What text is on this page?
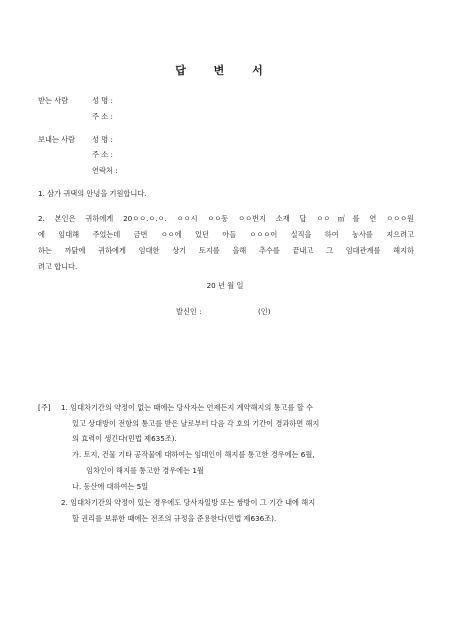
답 변 서
받는 사람	성 명 :
주 소 :
보내는 사람 성 명 :
주 소 :
연락처 :
1. 삼가 귀댁의 안녕을 기원합니다.
2. 본인은 귀하에게 20ㅇㅇ.ㅇ.ㅇ. ㅇㅇ시 ㅇㅇ동 ㅇㅇ번지 소재 답 ㅇㅇ㎡를 연 ㅇㅇㅇ원
에 임대해 주었는데 금번 ㅇㅇ에 있던 아들 ㅇㅇㅇ이 실직을 하여 농사를 지으려고
하는 까닭에 귀하에게 임대한 상기 토지를 올해 추수를 끝내고 그 임대관계를 해지하
려고 합니다.
20 년 월 일
발신인 :	(인)
[주] 1. 임대차기간의 약정이 없는 때에는 당사자는 언제든지 계약해지의 통고를 할 수
있고 상대방이 전항의 통고를 받은 날로부터 다음 각 호의 기간이 경과하면 해지
의 효력이 생긴다(민법 제635조).
가. 토지, 건물 기타 공작물에 대하여는 임대인이 해지를 통고한 경우에는 6월,
임차인이 해지를 통고한 경우에는 1월
나. 동산에 대하여는 5일
2. 임대차기간의 약정이 있는 경우에도 당사자일방 또는 쌍방이 그 기간 내에 해지
할 권리를 보류한 때에는 전조의 규정을 준용한다(민법 제636조).
